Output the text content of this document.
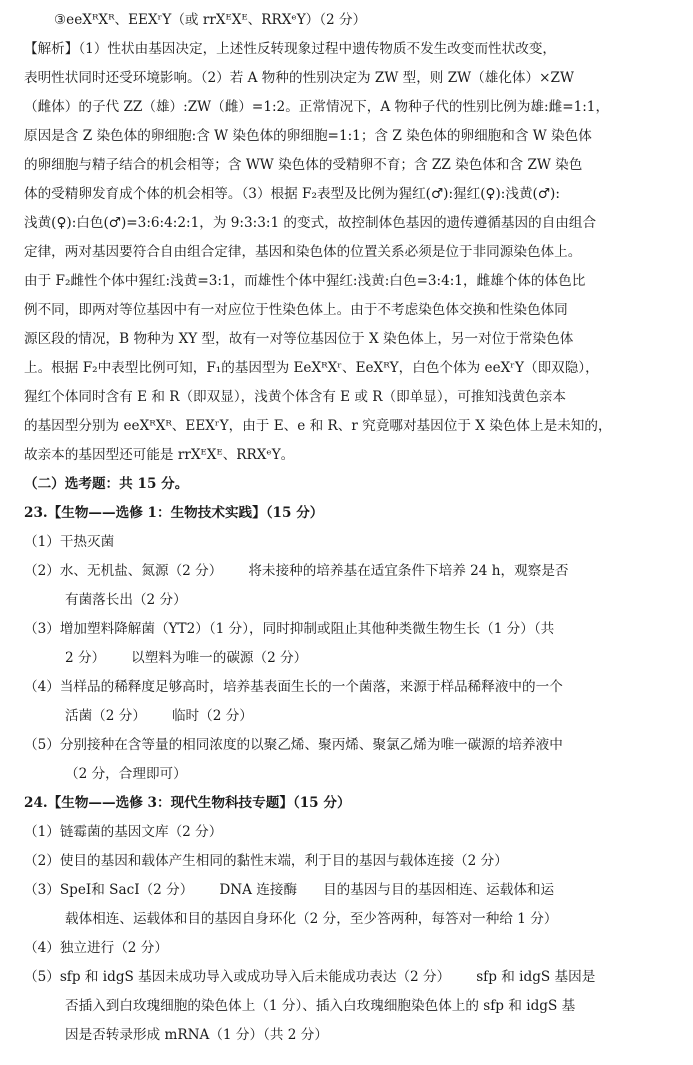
③eeXᴿXᴿ、EEXʳY（或 rrXᴱXᴱ、RRXᵉY）（2 分）
【解析】（1）性状由基因决定，上述性反转现象过程中遗传物质不发生改变而性状改变，
表明性状同时还受环境影响。（2）若 A 物种的性别决定为 ZW 型，则 ZW（雄化体）×ZW
（雌体）的子代 ZZ（雄）:ZW（雌）=1:2。正常情况下，A 物种子代的性别比例为雄:雌=1:1，
原因是含 Z 染色体的卵细胞:含 W 染色体的卵细胞=1:1；含 Z 染色体的卵细胞和含 W 染色体
的卵细胞与精子结合的机会相等；含 WW 染色体的受精卵不育；含 ZZ 染色体和含 ZW 染色
体的受精卵发育成个体的机会相等。（3）根据 F₂表型及比例为猩红(♂):猩红(♀):浅黄(♂):
浅黄(♀):白色(♂)=3:6:4:2:1，为 9:3:3:1 的变式，故控制体色基因的遗传遵循基因的自由组合
定律，两对基因要符合自由组合定律，基因和染色体的位置关系必须是位于非同源染色体上。
由于 F₂雌性个体中猩红:浅黄=3:1，而雄性个体中猩红:浅黄:白色=3:4:1，雌雄个体的体色比
例不同，即两对等位基因中有一对应位于性染色体上。由于不考虑染色体交换和性染色体同
源区段的情况，B 物种为 XY 型，故有一对等位基因位于 X 染色体上，另一对位于常染色体
上。根据 F₂中表型比例可知，F₁的基因型为 EeXᴿXʳ、EeXᴿY，白色个体为 eeXʳY（即双隐），
猩红个体同时含有 E 和 R（即双显），浅黄个体含有 E 或 R（即单显），可推知浅黄色亲本
的基因型分别为 eeXᴿXᴿ、EEXʳY，由于 E、e 和 R、r 究竟哪对基因位于 X 染色体上是未知的，
故亲本的基因型还可能是 rrXᴱXᴱ、RRXᵉY。
（二）选考题：共 15 分。
23.【生物——选修 1：生物技术实践】（15 分）
（1）干热灭菌
（2）水、无机盐、氮源（2 分） 将未接种的培养基在适宜条件下培养 24 h，观察是否
有菌落长出（2 分）
（3）增加塑料降解菌（YT2）（1 分），同时抑制或阻止其他种类微生物生长（1 分）（共
2 分） 以塑料为唯一的碳源（2 分）
（4）当样品的稀释度足够高时，培养基表面生长的一个菌落，来源于样品稀释液中的一个
活菌（2 分） 临时（2 分）
（5）分别接种在含等量的相同浓度的以聚乙烯、聚丙烯、聚氯乙烯为唯一碳源的培养液中
（2 分，合理即可）
24.【生物——选修 3：现代生物科技专题】（15 分）
（1）链霉菌的基因文库（2 分）
（2）使目的基因和载体产生相同的黏性末端，利于目的基因与载体连接（2 分）
（3）SpeⅠ和 SacⅠ（2 分） DNA 连接酶 目的基因与目的基因相连、运载体和运
载体相连、运载体和目的基因自身环化（2 分，至少答两种，每答对一种给 1 分）
（4）独立进行（2 分）
（5）sfp 和 idgS 基因未成功导入或成功导入后未能成功表达（2 分） sfp 和 idgS 基因是
否插入到白玫瑰细胞的染色体上（1 分）、插入白玫瑰细胞染色体上的 sfp 和 idgS 基
因是否转录形成 mRNA（1 分）（共 2 分）
